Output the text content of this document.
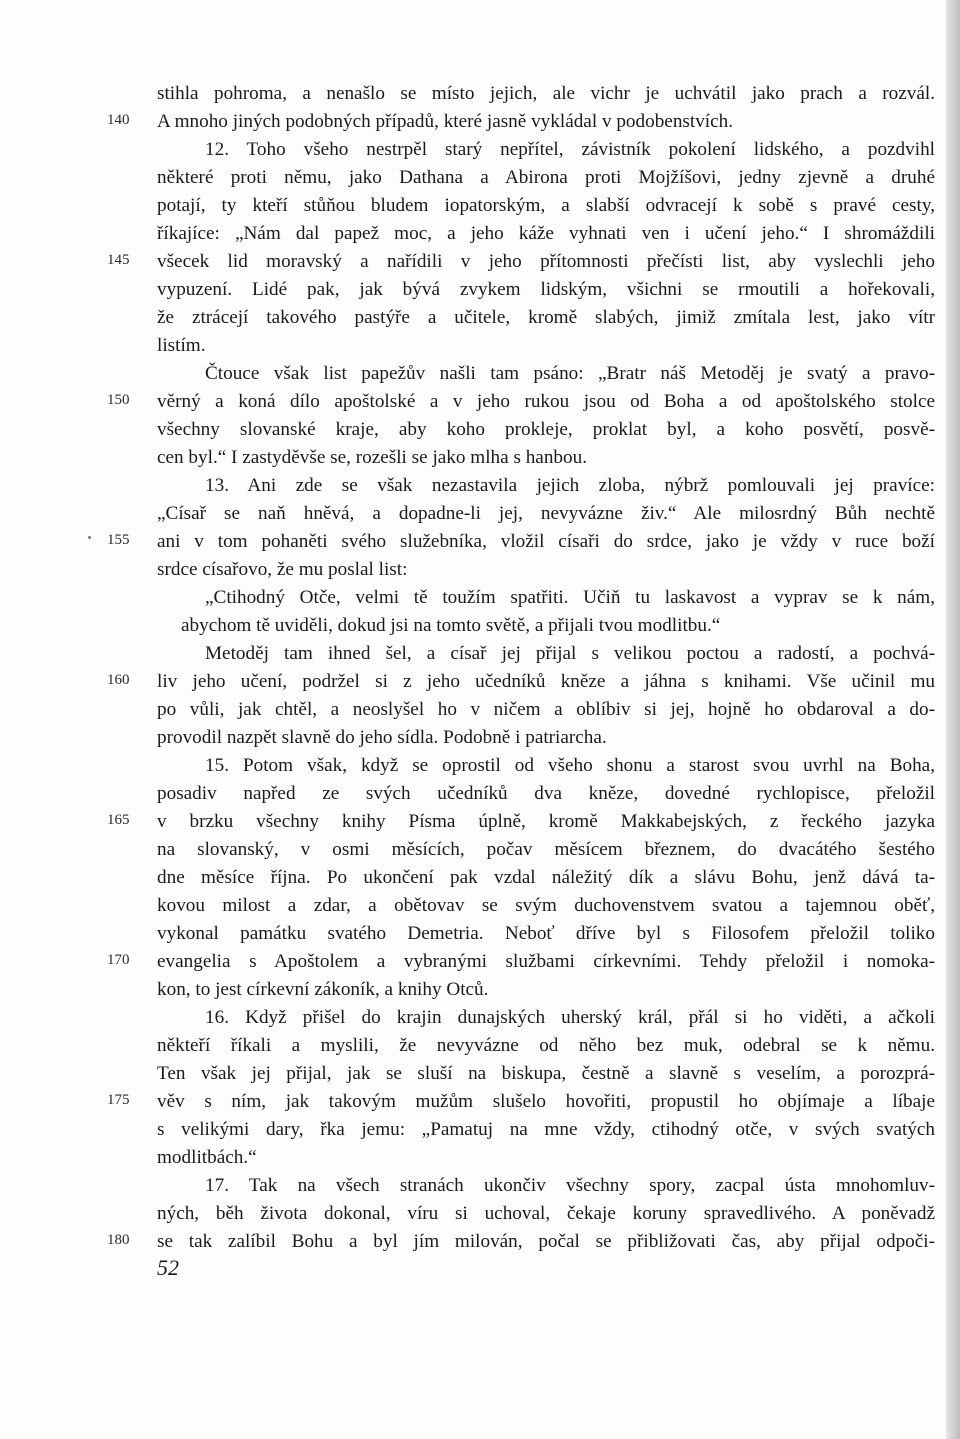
stihla pohroma, a nenašlo se místo jejich, ale vichr je uchvátil jako prach a rozvál.
A mnoho jiných podobných případů, které jasně vykládal v podobenstvích.
12. Toho všeho nestrpěl starý nepřítel, závistník pokolení lidského, a pozdvihl
některé proti němu, jako Dathana a Abirona proti Mojžíšovi, jedny zjevně a druhé
potají, ty kteří stůňou bludem iopatorským, a slabší odvracejí k sobě s pravé cesty,
říkajíce: „Nám dal papež moc, a jeho káže vyhnati ven i učení jeho.“ I shromáždili
všecek lid moravský a nařídili v jeho přítomnosti přečísti list, aby vyslechli jeho
vypuzení. Lidé pak, jak bývá zvykem lidským, všichni se rmoutili a hořekovali,
že ztrácejí takového pastýře a učitele, kromě slabých, jimiž zmítala lest, jako vítr
listím.
Čtouce však list papežův našli tam psáno: „Bratr náš Metoděj je svatý a pravo-
věrný a koná dílo apoštolské a v jeho rukou jsou od Boha a od apoštolského stolce
všechny slovanské kraje, aby koho prokleje, proklat byl, a koho posvětí, posvě-
cen byl.“ I zastyděvše se, rozešli se jako mlha s hanbou.
13. Ani zde se však nezastavila jejich zloba, nýbrž pomlouvali jej pravíce:
„Císař se naň hněvá, a dopadne-li jej, nevyvázne živ.“ Ale milosrdný Bůh nechtě
ani v tom pohaněti svého služebníka, vložil císaři do srdce, jako je vždy v ruce boží
srdce císařovo, že mu poslal list:
„Ctihodný Otče, velmi tě toužím spatřiti. Učiň tu laskavost a vyprav se k nám,
abychom tě uviděli, dokud jsi na tomto světě, a přijali tvou modlitbu.“
Metoděj tam ihned šel, a císař jej přijal s velikou poctou a radostí, a pochvá-
liv jeho učení, podržel si z jeho učedníků kněze a jáhna s knihami. Vše učinil mu
po vůli, jak chtěl, a neoslyšel ho v ničem a oblíbiv si jej, hojně ho obdaroval a do-
provodil nazpět slavně do jeho sídla. Podobně i patriarcha.
15. Potom však, když se oprostil od všeho shonu a starost svou uvrhl na Boha,
posadiv napřed ze svých učedníků dva kněze, dovedné rychlopisce, přeložil
v brzku všechny knihy Písma úplně, kromě Makkabejských, z řeckého jazyka
na slovanský, v osmi měsících, počav měsícem březnem, do dvacátého šestého
dne měsíce října. Po ukončení pak vzdal náležitý dík a slávu Bohu, jenž dává ta-
kovou milost a zdar, a obětovav se svým duchovenstvem svatou a tajemnou oběť,
vykonal památku svatého Demetria. Neboť dříve byl s Filosofem přeložil toliko
evangelia s Apoštolem a vybranými službami církevními. Tehdy přeložil i nomoka-
kon, to jest církevní zákoník, a knihy Otců.
16. Když přišel do krajin dunajských uherský král, přál si ho viděti, a ačkoli
někteří říkali a myslili, že nevyvázne od něho bez muk, odebral se k němu.
Ten však jej přijal, jak se sluší na biskupa, čestně a slavně s veselím, a porozprá-
věv s ním, jak takovým mužům slušelo hovořiti, propustil ho objímaje a líbaje
s velikými dary, řka jemu: „Pamatuj na mne vždy, ctihodný otče, v svých svatých
modlitbách.“
17. Tak na všech stranách ukončiv všechny spory, zacpal ústa mnohomluv-
ných, běh života dokonal, víru si uchoval, čekaje koruny spravedlivého. A poněvadž
se tak zalíbil Bohu a byl jím milován, počal se přibližovati čas, aby přijal odpoči-
140
145
150
155
160
165
170
175
180
52
